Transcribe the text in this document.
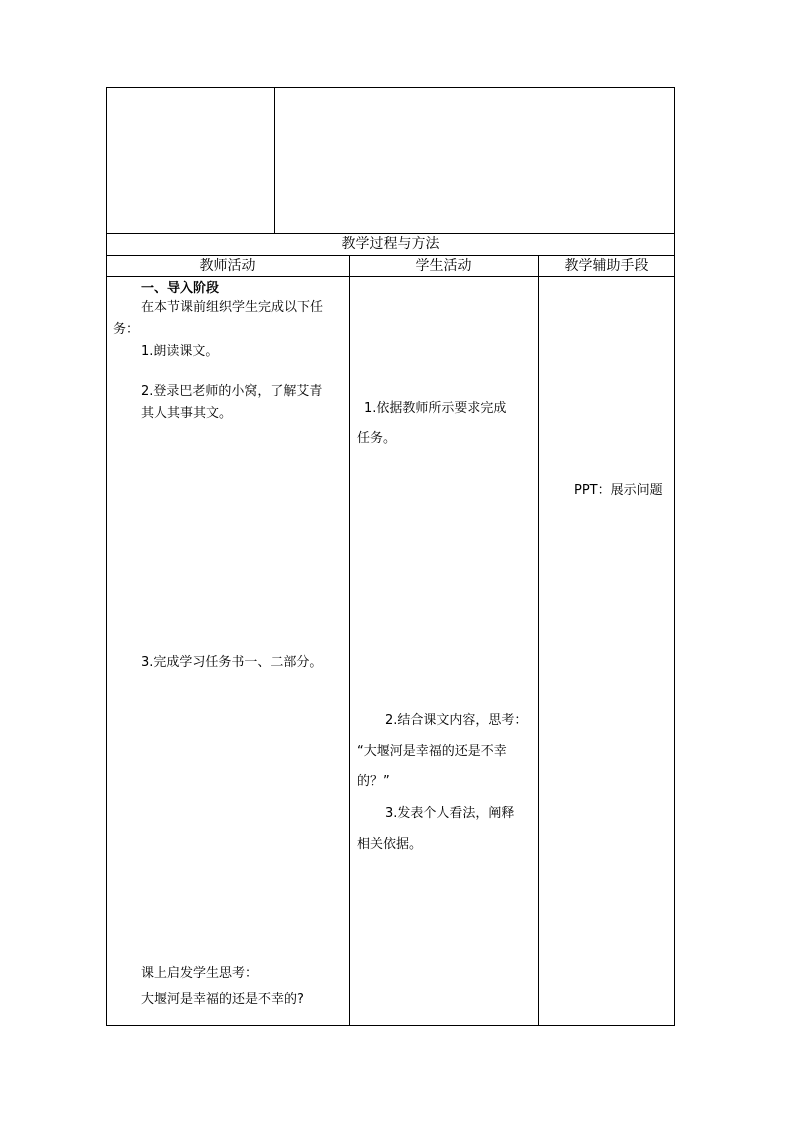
教学过程与方法
教师活动	学生活动	教学辅助手段
一、导入阶段
在本节课前组织学生完成以下任
务：
1.朗读课文。
2.登录巴老师的小窝，了解艾青
其人其事其文。
3.完成学习任务书一、二部分。
课上启发学生思考：
大堰河是幸福的还是不幸的?
1.依据教师所示要求完成
任务。
2.结合课文内容，思考：
“大堰河是幸福的还是不幸
的？”
3.发表个人看法，阐释
相关依据。
PPT：展示问题
